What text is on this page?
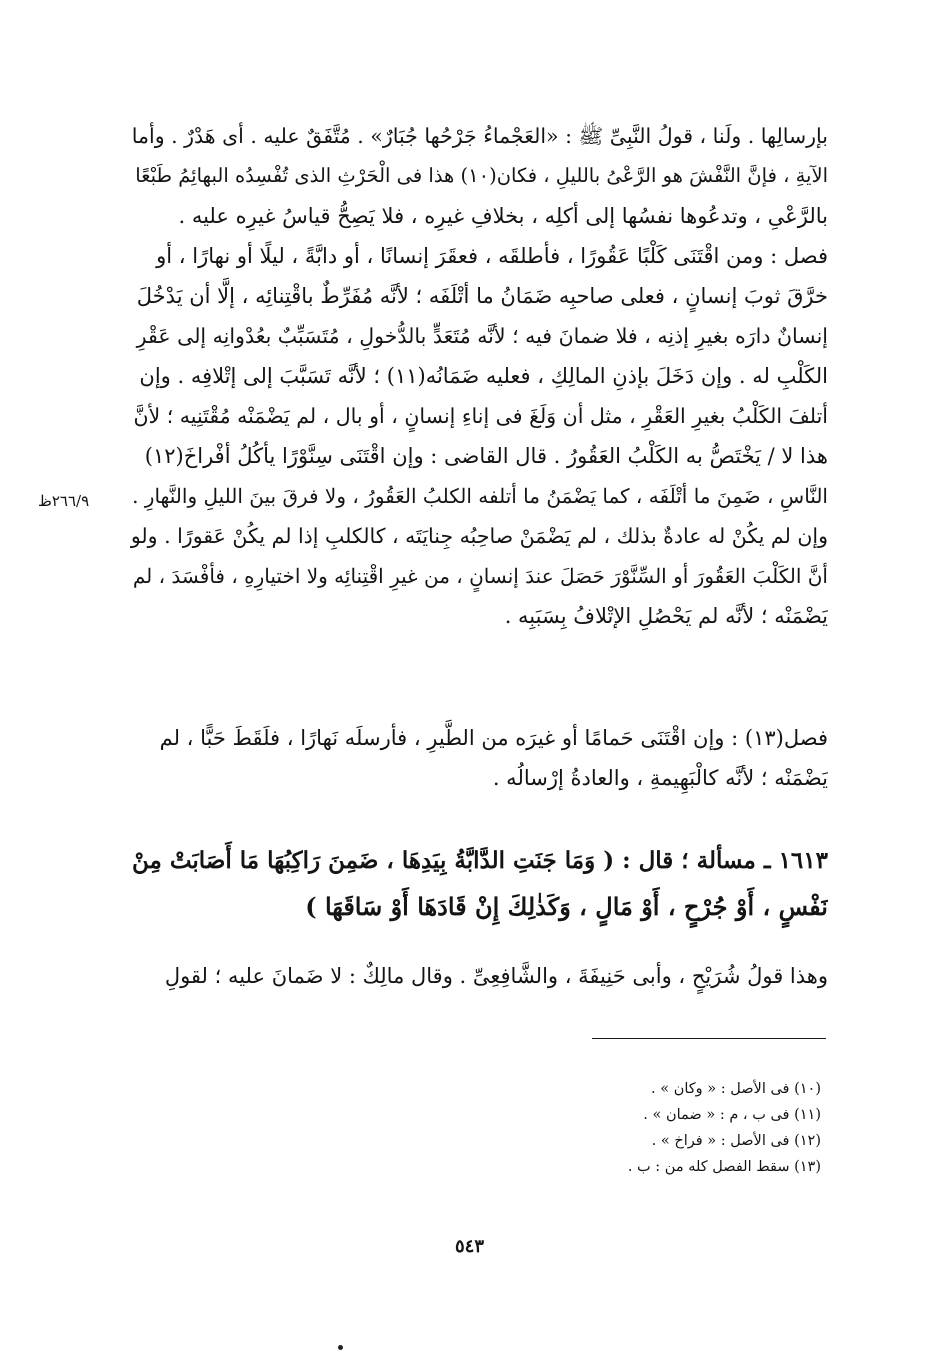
٢٦٦/٩ظ
بإرسالِها . ولَنا ، قولُ النَّبِىِّ ﷺ : «العَجْماءُ جَرْحُها جُبَارٌ» . مُتَّفَقٌ عليه . أى هَدْرٌ . وأما
الآيةِ ، فإنَّ النَّفْشَ هو الرَّعْىُ بالليلِ ، فكان(١٠) هذا فى الْحَرْثِ الذى تُفْسِدُه البهائِمُ طَبْعًا
بالرَّعْىِ ، وتدعُوها نفسُها إلى أكلِه ، بخلافِ غيرِه ، فلا يَصِحُّ قياسُ غيرِه عليه .
فصل : ومن اقْتَنَى كَلْبًا عَقُورًا ، فأطلقَه ، فعقَرَ إنسانًا ، أو دابَّةً ، ليلًا أو نهارًا ، أو
خرَّقَ ثوبَ إنسانٍ ، فعلى صاحبِه ضَمَانُ ما أتْلَفَه ؛ لأنَّه مُفَرِّطٌ باقْتِنائِه ، إلَّا أن يَدْخُلَ
إنسانٌ دارَه بغيرِ إذنِه ، فلا ضمانَ فيه ؛ لأنَّه مُتَعَدٍّ بالدُّخولِ ، مُتَسَبِّبٌ بعُدْوانِه إلى عَقْرِ
الكَلْبِ له . وإن دَخَلَ بإذنِ المالِكِ ، فعليه ضَمَانُه(١١) ؛ لأنَّه تَسَبَّبَ إلى إتْلافِه . وإن
أتلفَ الكَلْبُ بغيرِ العَقْرِ ، مثل أن وَلَغَ فى إناءِ إنسانٍ ، أو بال ، لم يَضْمَنْه مُقْتَنِيه ؛ لأنَّ
هذا لا / يَخْتَصُّ به الكَلْبُ العَقُورُ . قال القاضى : وإن اقْتَنَى سِنَّوْرًا يأكُلُ أفْراخَ(١٢)
النَّاسِ ، ضَمِنَ ما أتْلَفَه ، كما يَضْمَنُ ما أتلفه الكلبُ العَقُورُ ، ولا فرقَ بينَ الليلِ والنَّهارِ .
وإن لم يكُنْ له عادةٌ بذلك ، لم يَضْمَنْ صاحِبُه جِنايَتَه ، كالكلبِ إذا لم يكُنْ عَقورًا . ولو
أنَّ الكَلْبَ العَقُورَ أو السِّنَّوْرَ حَصَلَ عندَ إنسانٍ ، من غيرِ اقْتِنائِه ولا اختيارِهِ ، فأفْسَدَ ، لم
يَضْمَنْه ؛ لأنَّه لم يَحْصُلِ الإتْلافُ بِسَبَبِه .
فصل(١٣) : وإن اقْتَنَى حَمامًا أو غيرَه من الطَّيرِ ، فأرسلَه نَهارًا ، فلَقَطَ حَبًّا ، لم
يَضْمَنْه ؛ لأنَّه كالْبَهِيمةِ ، والعادةُ إرْسالُه .
١٦١٣ ـ مسألة ؛ قال : ( وَمَا جَنَتِ الدَّابَّةُ بِيَدِهَا ، ضَمِنَ رَاكِبُهَا مَا أَصَابَتْ مِنْ
نَفْسٍ ، أَوْ جُرْحٍ ، أَوْ مَالٍ ، وَكَذٰلِكَ إِنْ قَادَهَا أَوْ سَاقَهَا )
وهذا قولُ شُرَيْحٍ ، وأبى حَنِيفَةَ ، والشَّافِعِىِّ . وقال مالِكٌ : لا ضَمانَ عليه ؛ لقولِ
(١٠) فى الأصل : « وكان » .
(١١) فى ب ، م : « ضمان » .
(١٢) فى الأصل : « فراخ » .
(١٣) سقط الفصل كله من : ب .
٥٤٣
